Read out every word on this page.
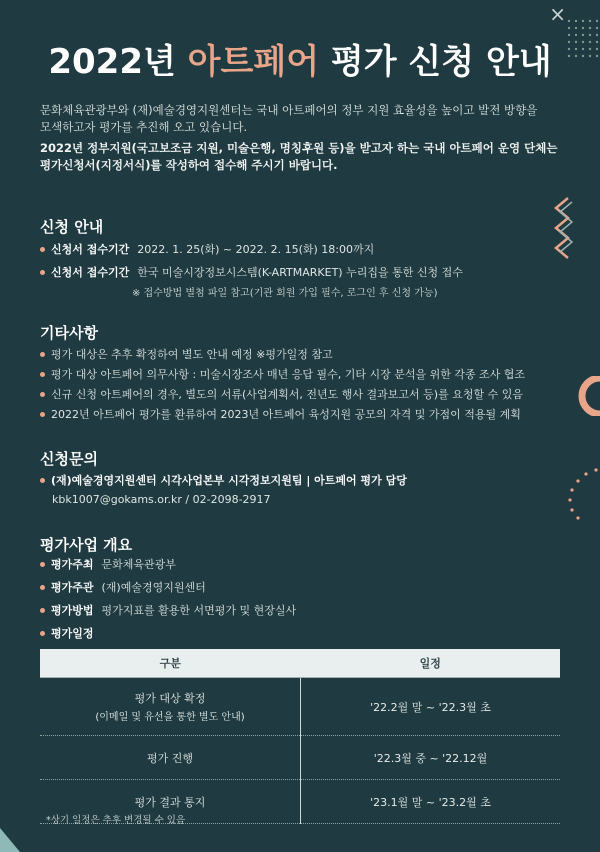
×
2022년 아트페어 평가 신청 안내

문화체육관광부와 (재)예술경영지원센터는 국내 아트페어의 정부 지원 효율성을 높이고 발전 방향을

모색하고자 평가를 추진해 오고 있습니다.

2022년 정부지원(국고보조금 지원, 미술은행, 명칭후원 등)을 받고자 하는 국내 아트페어 운영 단체는

평가신청서(지정서식)를 작성하여 접수해 주시기 바랍니다.

신청 안내
신청서 접수기간 2022. 1. 25(화) ~ 2022. 2. 15(화) 18:00까지
신청서 접수기간 한국 미술시장정보시스템(K-ARTMARKET) 누리집을 통한 신청 접수
※ 접수방법 별첨 파일 참고(기관 회원 가입 필수, 로그인 후 신청 가능)
기타사항
평가 대상은 추후 확정하여 별도 안내 예정 ※평가일정 참고
평가 대상 아트페어 의무사항 : 미술시장조사 매년 응답 필수, 기타 시장 분석을 위한 각종 조사 협조
신규 신청 아트페어의 경우, 별도의 서류(사업계획서, 전년도 행사 결과보고서 등)를 요청할 수 있음
2022년 아트페어 평가를 환류하여 2023년 아트페어 육성지원 공모의 자격 및 가점이 적용될 계획
신청문의
(재)예술경영지원센터 시각사업본부 시각정보지원팀 | 아트페어 평가 담당
kbk1007@gokams.or.kr / 02-2098-2917
평가사업 개요
평가주최 문화체육관광부
평가주관 (재)예술경영지원센터
평가방법 평가지표를 활용한 서면평가 및 현장실사
평가일정
구분	일정

평가 대상 확정
(이메일 및 유선을 통한 별도 안내)	'22.2월 말 ~ '22.3월 초
평가 진행	'22.3월 중 ~ '22.12월
평가 결과 통지	'23.1월 말 ~ '23.2월 초
*상기 일정은 추후 변경될 수 있음
